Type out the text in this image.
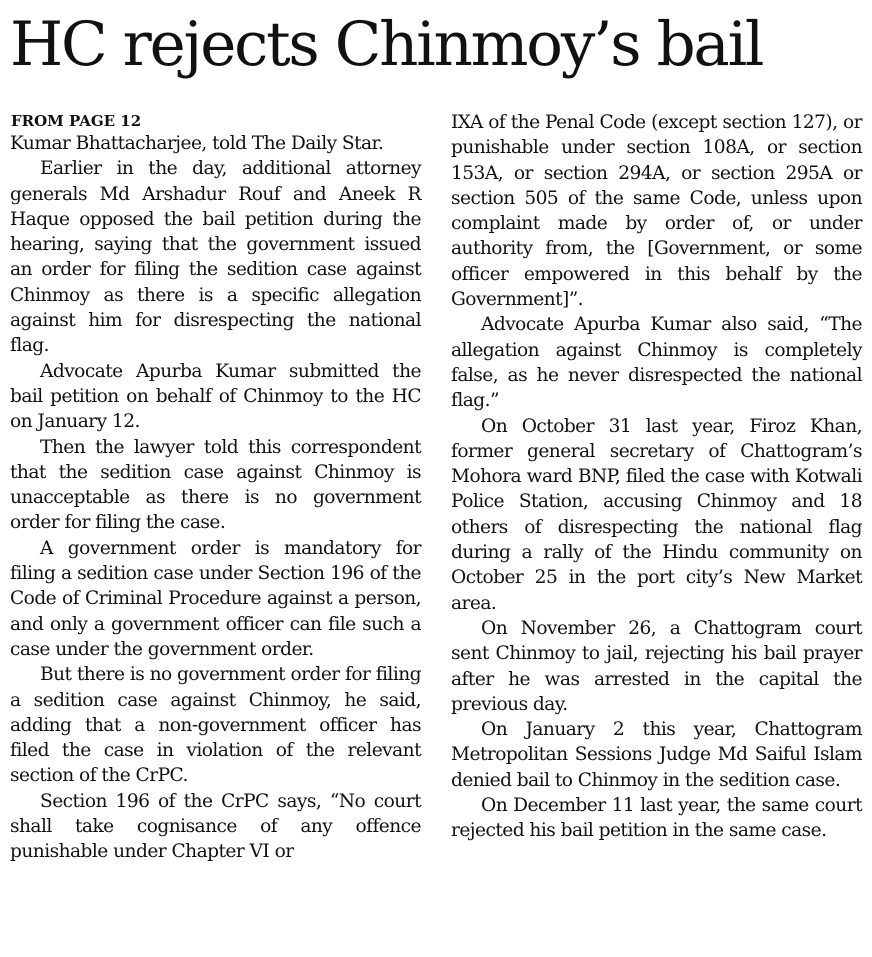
HC rejects Chinmoy’s bail
FROM PAGE 12

Kumar Bhattacharjee, told The Daily Star.

Earlier in the day, additional attorney generals Md Arshadur Rouf and Aneek R Haque opposed the bail petition during the hearing, saying that the government issued an order for filing the sedition case against Chinmoy as there is a specific allegation against him for disrespecting the national flag.

Advocate Apurba Kumar submitted the bail petition on behalf of Chinmoy to the HC on January 12.

Then the lawyer told this correspondent that the sedition case against Chinmoy is unacceptable as there is no government order for filing the case.

A government order is mandatory for filing a sedition case under Section 196 of the Code of Criminal Procedure against a person, and only a government officer can file such a case under the government order.

But there is no government order for filing a sedition case against Chinmoy, he said, adding that a non-government officer has filed the case in violation of the relevant section of the CrPC.

Section 196 of the CrPC says, “No court shall take cognisance of any offence punishable under Chapter VI or

IXA of the Penal Code (except section 127), or punishable under section 108A, or section 153A, or section 294A, or section 295A or section 505 of the same Code, unless upon complaint made by order of, or under authority from, the [Government, or some officer empowered in this behalf by the Government]”.

Advocate Apurba Kumar also said, “The allegation against Chinmoy is completely false, as he never disrespected the national flag.”

On October 31 last year, Firoz Khan, former general secretary of Chattogram’s Mohora ward BNP, filed the case with Kotwali Police Station, accusing Chinmoy and 18 others of disrespecting the national flag during a rally of the Hindu community on October 25 in the port city’s New Market area.

On November 26, a Chattogram court sent Chinmoy to jail, rejecting his bail prayer after he was arrested in the capital the previous day.

On January 2 this year, Chattogram Metropolitan Sessions Judge Md Saiful Islam denied bail to Chinmoy in the sedition case.

On December 11 last year, the same court rejected his bail petition in the same case.
